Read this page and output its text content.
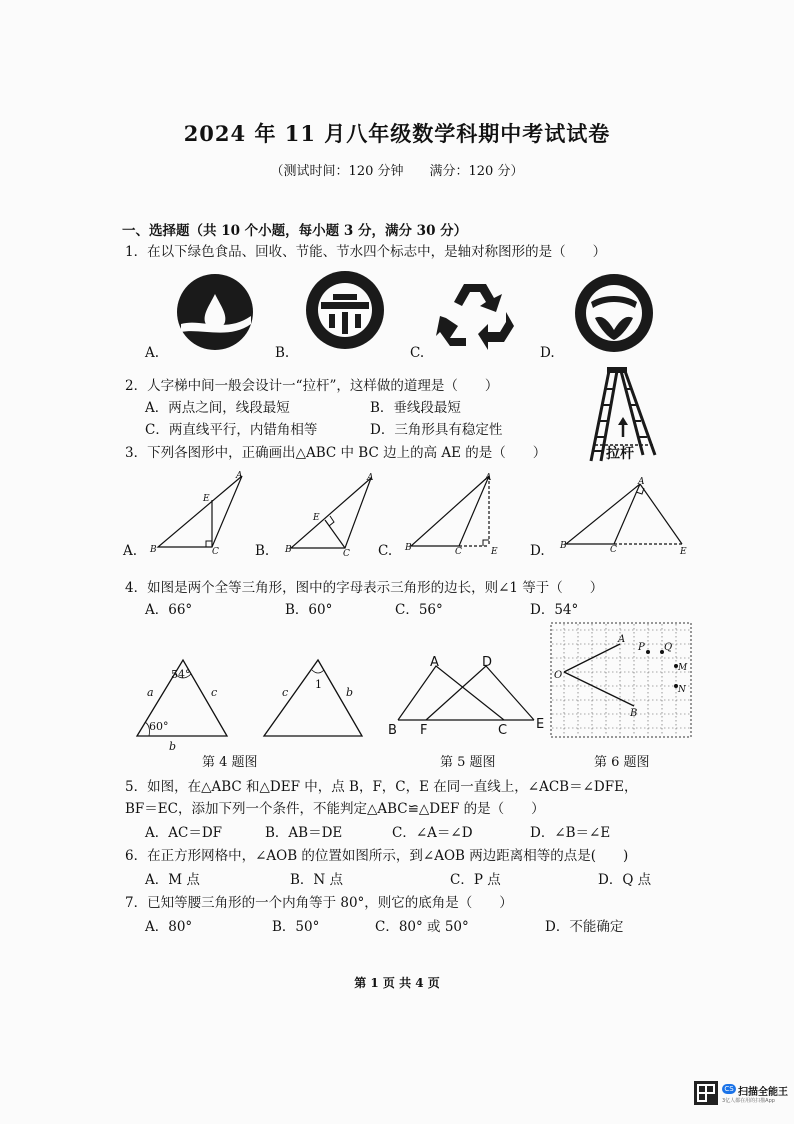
2024 年 11 月八年级数学科期中考试试卷
（测试时间：120 分钟　　满分：120 分）
一、选择题（共 10 个小题，每小题 3 分，满分 30 分）
1．在以下绿色食品、回收、节能、节水四个标志中，是轴对称图形的是（　　）
A.	B.	C.	D.
2．人字梯中间一般会设计一“拉杆”，这样做的道理是（　　）
A．两点之间，线段最短	B．垂线段最短
C．两直线平行，内错角相等	D．三角形具有稳定性
拉杆
3．下列各图形中，正确画出△ABC 中 BC 边上的高 AE 的是（　　）
B	C
A
E
B	C
A
E
B	C
A
E
B	C
A
E
A.	B.	C.	D.
4．如图是两个全等三角形，图中的字母表示三角形的边长，则∠1 等于（　　）
A．66°	B．60°	C．56°	D．54°
54°
60°
a	c
b
1
c	b
A	D
B F	C E
O
P Q
M
N
B
A
第 4 题图	第 5 题图	第 6 题图
5．如图，在△ABC 和△DEF 中，点 B，F，C，E 在同一直线上，∠ACB＝∠DFE，
BF＝EC，添加下列一个条件，不能判定△ABC≌△DEF 的是（　　）
A．AC＝DF	B．AB＝DE	C．∠A＝∠D	D．∠B＝∠E
6．在正方形网格中，∠AOB 的位置如图所示，到∠AOB 两边距离相等的点是(　　)
A．M 点	B．N 点	C．P 点	D．Q 点
7．已知等腰三角形的一个内角等于 80°，则它的底角是（　　）
A．80°	B．50°	C．80° 或 50°	D．不能确定
第 1 页 共 4 页
CS 扫描全能王
3亿人都在用的扫描App
